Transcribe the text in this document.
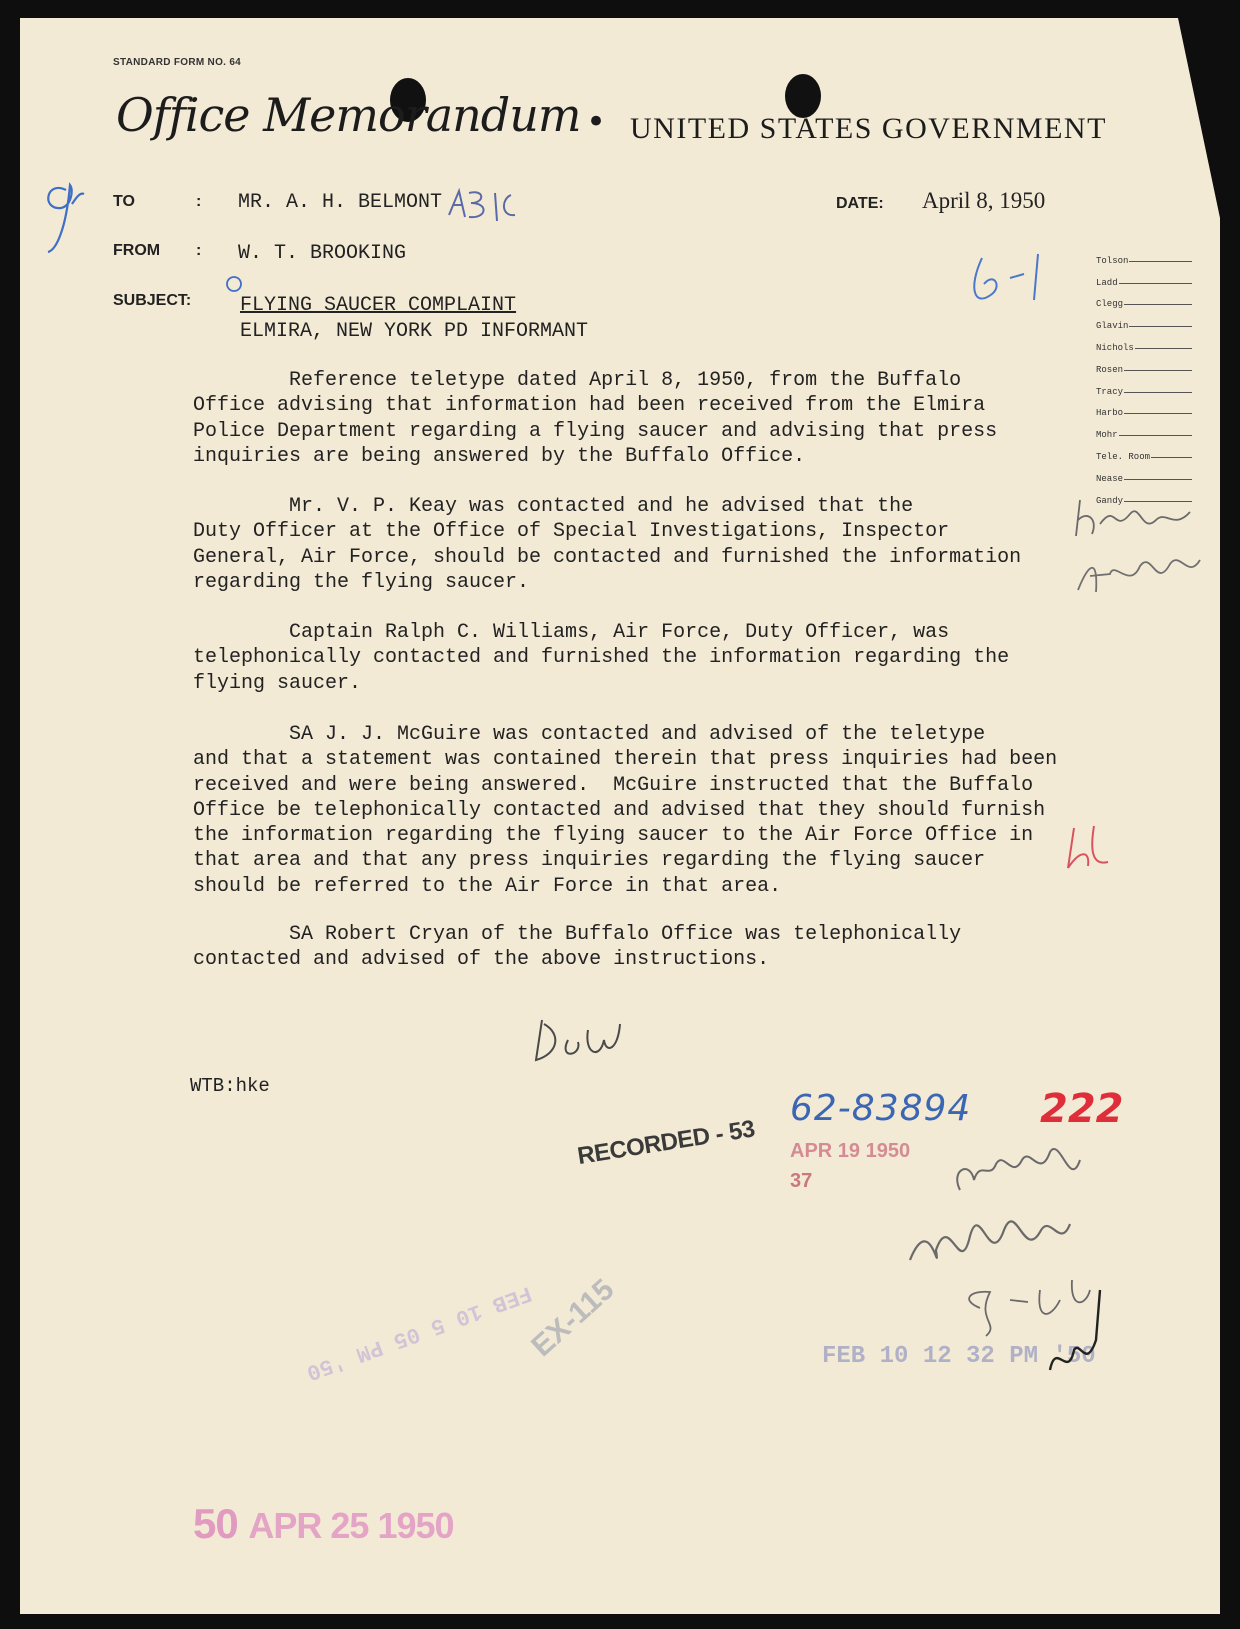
STANDARD FORM NO. 64
Office Memorandum • UNITED STATES GOVERNMENT
TO	: MR. A. H. BELMONT	DATE: April 8, 1950
FROM : W. T. BROOKING
SUBJECT: FLYING SAUCER COMPLAINT
ELMIRA, NEW YORK PD INFORMANT
Reference teletype dated April 8, 1950, from the Buffalo
Office advising that information had been received from the Elmira
Police Department regarding a flying saucer and advising that press
inquiries are being answered by the Buffalo Office.
Mr. V. P. Keay was contacted and he advised that the
Duty Officer at the Office of Special Investigations, Inspector
General, Air Force, should be contacted and furnished the information
regarding the flying saucer.
Captain Ralph C. Williams, Air Force, Duty Officer, was
telephonically contacted and furnished the information regarding the
flying saucer.
SA J. J. McGuire was contacted and advised of the teletype
and that a statement was contained therein that press inquiries had been
received and were being answered.  McGuire instructed that the Buffalo
Office be telephonically contacted and advised that they should furnish
the information regarding the flying saucer to the Air Force Office in
that area and that any press inquiries regarding the flying saucer
should be referred to the Air Force in that area.
SA Robert Cryan of the Buffalo Office was telephonically
contacted and advised of the above instructions.
WTB:hke
Tolson
Ladd
Clegg
Glavin
Nichols
Rosen
Tracy
Harbo
Mohr
Tele. Room
Nease
Gandy
62-83894 222
RECORDED - 53 APR 19 1950
37
EX-115
FEB 10 5 05 PM '50	FEB 10 12 32 PM '50
50 APR 25 1950
